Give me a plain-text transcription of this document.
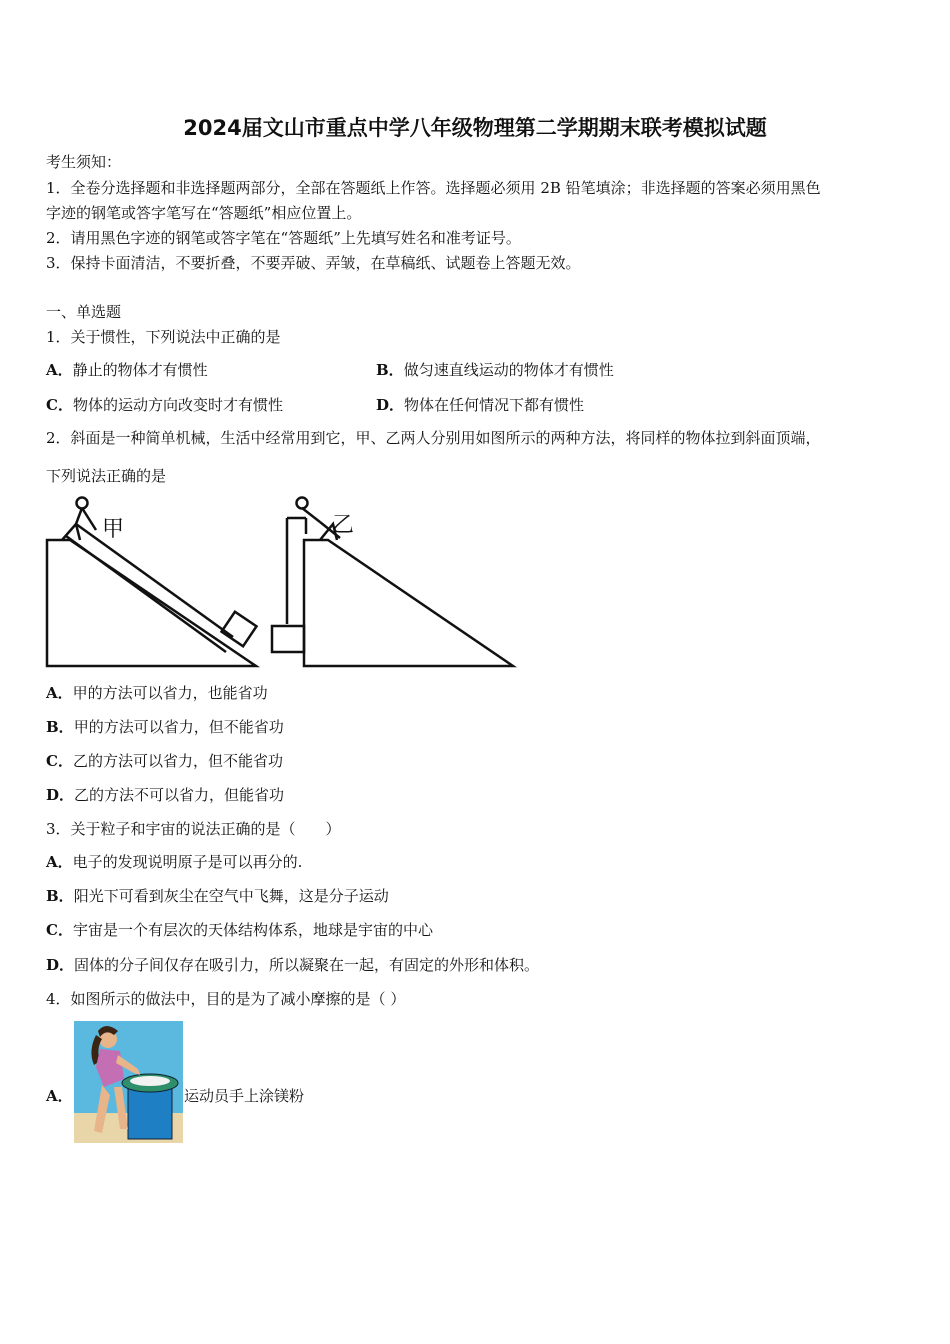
2024届文山市重点中学八年级物理第二学期期末联考模拟试题
考生须知：
1．全卷分选择题和非选择题两部分，全部在答题纸上作答。选择题必须用 2B 铅笔填涂；非选择题的答案必须用黑色
字迹的钢笔或答字笔写在“答题纸”相应位置上。
2．请用黑色字迹的钢笔或答字笔在“答题纸”上先填写姓名和准考证号。
3．保持卡面清洁，不要折叠，不要弄破、弄皱，在草稿纸、试题卷上答题无效。
一、单选题
1．关于惯性，下列说法中正确的是
A．静止的物体才有惯性	B．做匀速直线运动的物体才有惯性
C．物体的运动方向改变时才有惯性	D．物体在任何情况下都有惯性
2．斜面是一种简单机械，生活中经常用到它，甲、乙两人分别用如图所示的两种方法，将同样的物体拉到斜面顶端，
下列说法正确的是
甲	乙
A．甲的方法可以省力，也能省功
B．甲的方法可以省力，但不能省功
C．乙的方法可以省力，但不能省功
D．乙的方法不可以省力，但能省功
3．关于粒子和宇宙的说法正确的是（　　）
A．电子的发现说明原子是可以再分的.
B．阳光下可看到灰尘在空气中飞舞，这是分子运动
C．宇宙是一个有层次的天体结构体系，地球是宇宙的中心
D．固体的分子间仅存在吸引力，所以凝聚在一起，有固定的外形和体积。
4．如图所示的做法中，目的是为了减小摩擦的是（ ）
A．	运动员手上涂镁粉
